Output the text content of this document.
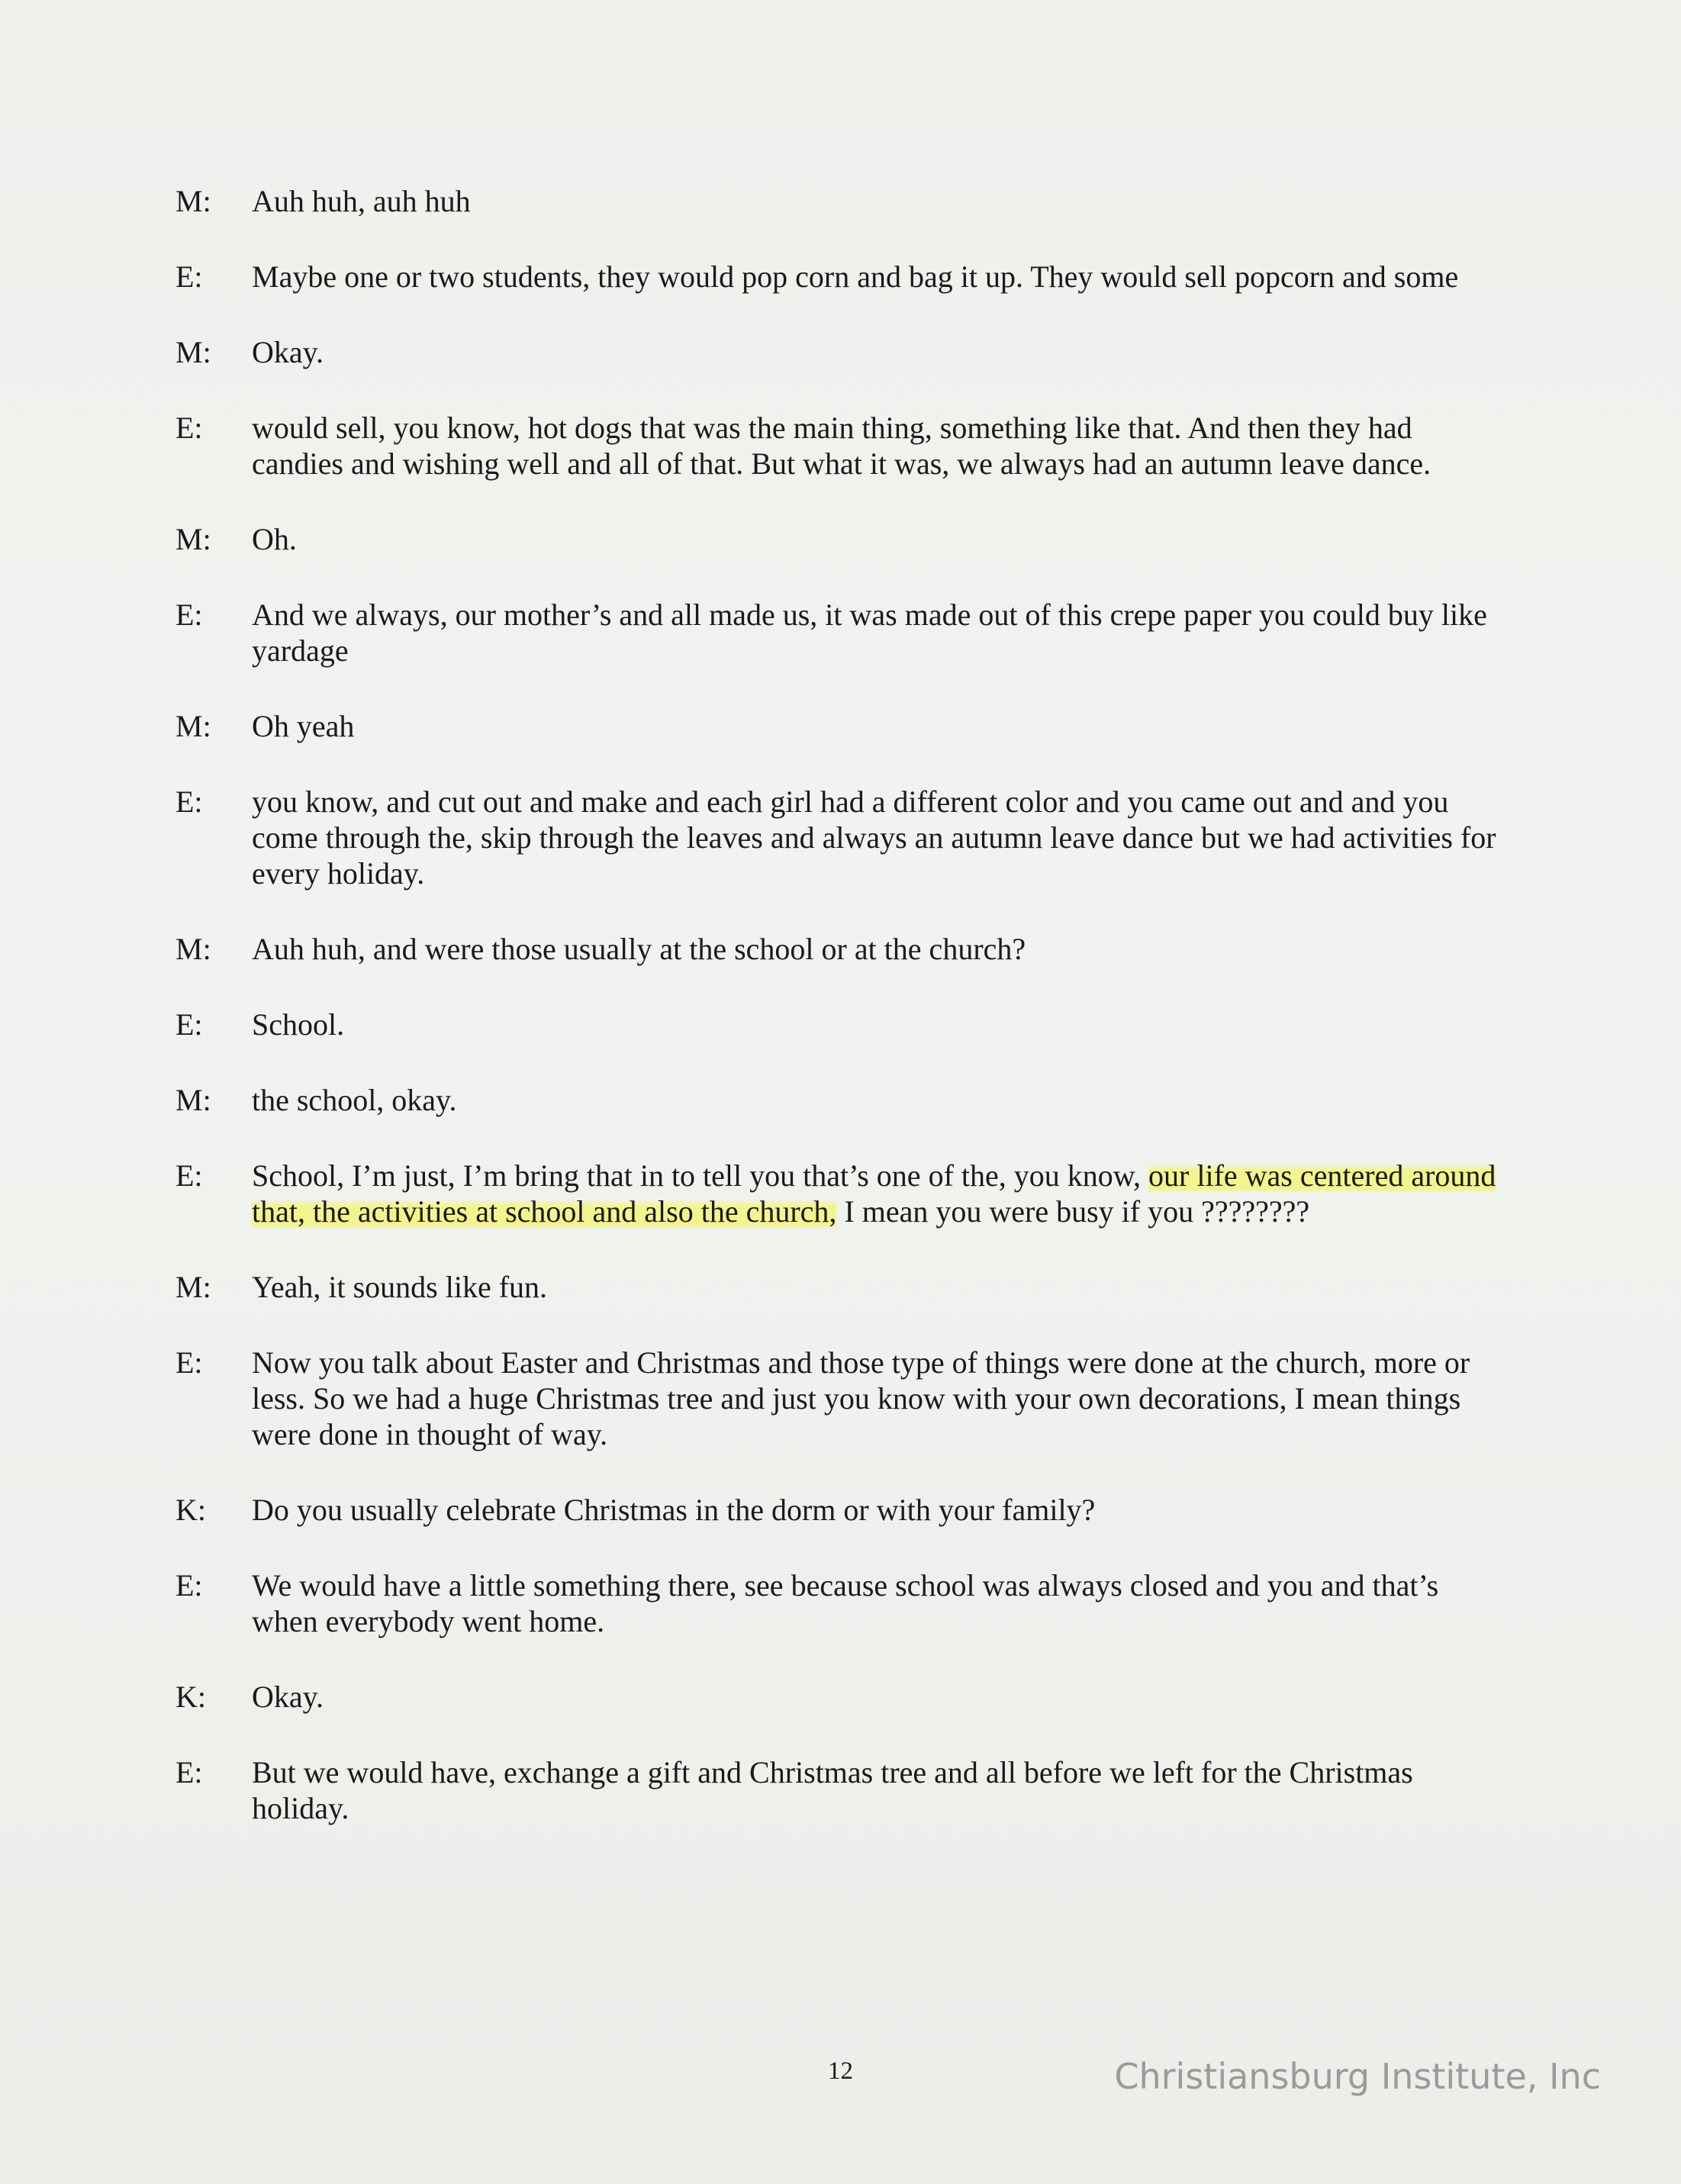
M:	Auh huh, auh huh
E:	Maybe one or two students, they would pop corn and bag it up. They would sell popcorn and some
M:	Okay.
E:	would sell, you know, hot dogs that was the main thing, something like that. And then they had candies and wishing well and all of that. But what it was, we always had an autumn leave dance.
M:	Oh.
E:	And we always, our mother’s and all made us, it was made out of this crepe paper you could buy like yardage
M:	Oh yeah
E:	you know, and cut out and make and each girl had a different color and you came out and and you come through the, skip through the leaves and always an autumn leave dance but we had activities for every holiday.
M:	Auh huh, and were those usually at the school or at the church?
E:	School.
M:	the school, okay.
E:	School, I’m just, I’m bring that in to tell you that’s one of the, you know, our life was centered around that, the activities at school and also the church, I mean you were busy if you ????????
M:	Yeah, it sounds like fun.
E:	Now you talk about Easter and Christmas and those type of things were done at the church, more or less. So we had a huge Christmas tree and just you know with your own decorations, I mean things were done in thought of way.
K:	Do you usually celebrate Christmas in the dorm or with your family?
E:	We would have a little something there, see because school was always closed and you and that’s when everybody went home.
K:	Okay.
E:	But we would have, exchange a gift and Christmas tree and all before we left for the Christmas holiday.
12	Christiansburg Institute, Inc
